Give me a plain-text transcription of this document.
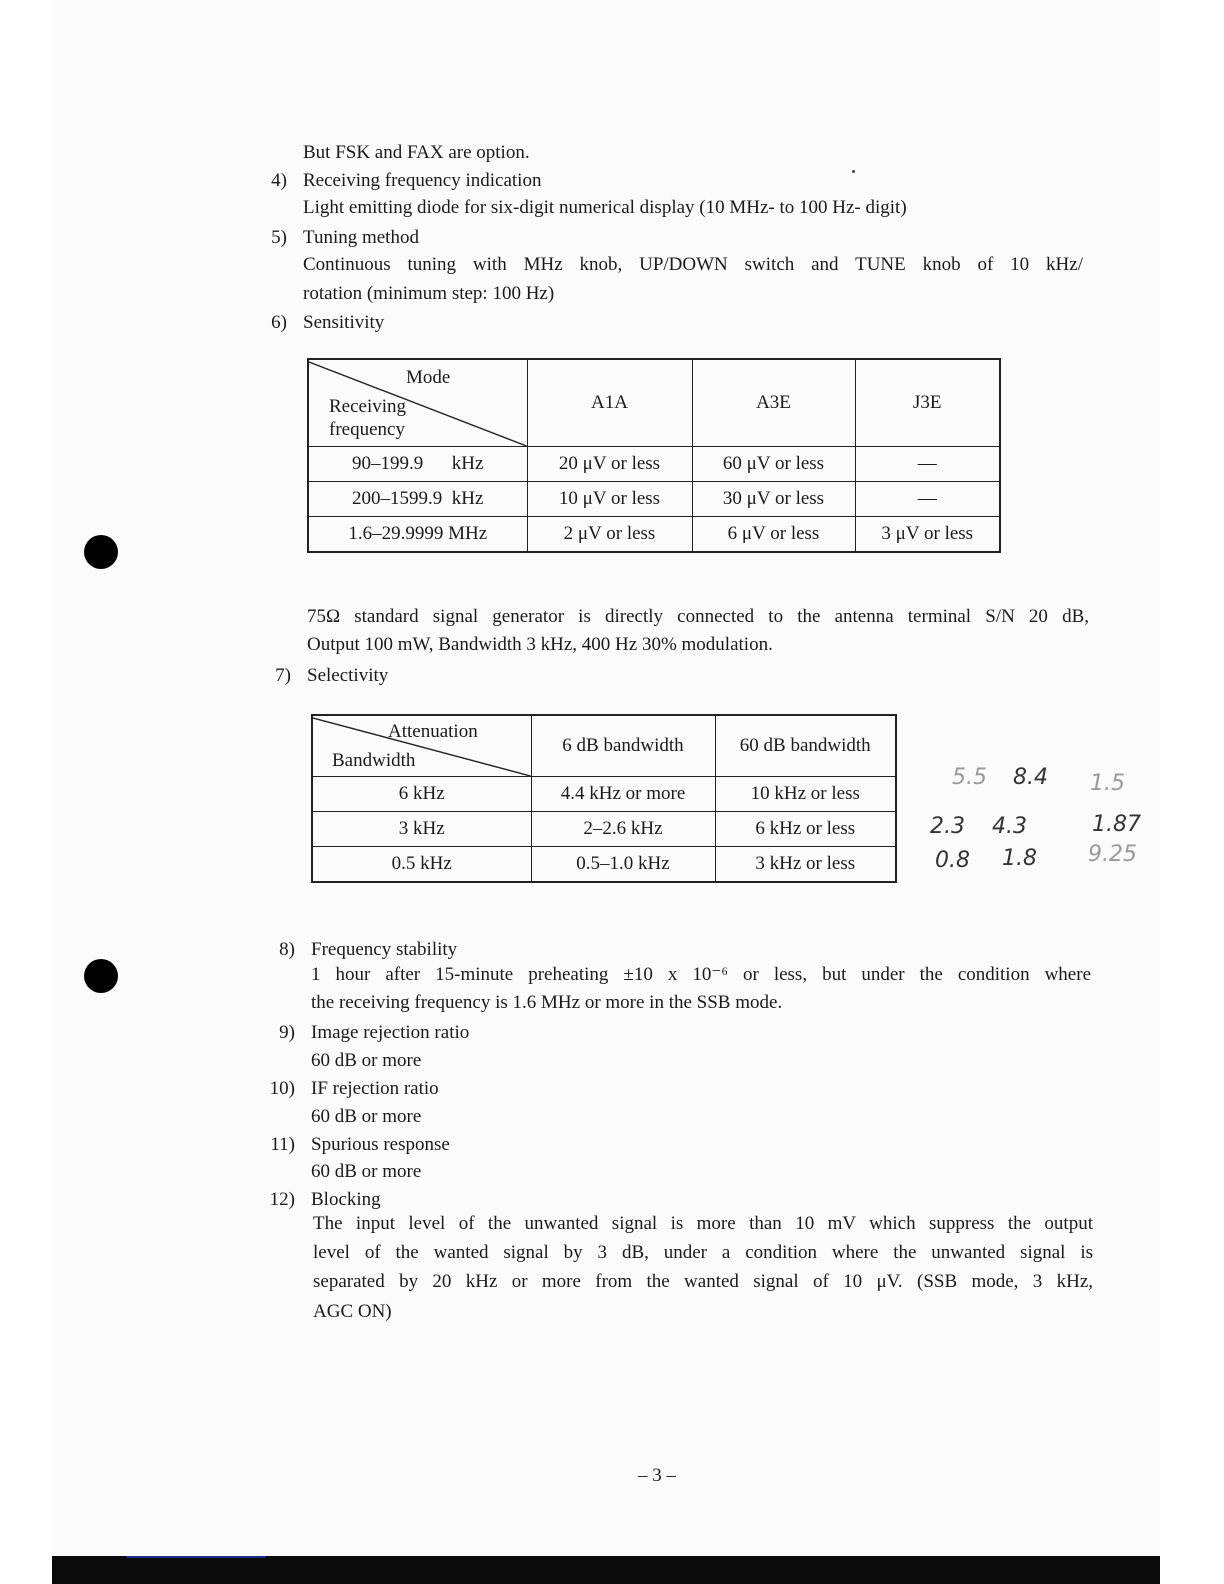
But FSK and FAX are option.
4) Receiving frequency indication
Light emitting diode for six-digit numerical display (10 MHz- to 100 Hz- digit)
5) Tuning method
Continuous tuning with MHz knob, UP/DOWN switch and TUNE knob of 10 kHz/
rotation (minimum step: 100 Hz)
6) Sensitivity
Mode
Receiving
frequency	A1A	A3E	J3E
90–199.9      kHz	20 μV or less	60 μV or less	—
200–1599.9  kHz	10 μV or less	30 μV or less	—
1.6–29.9999 MHz	2 μV or less	6 μV or less	3 μV or less
75Ω standard signal generator is directly connected to the antenna terminal S/N 20 dB,
Output 100 mW, Bandwidth 3 kHz, 400 Hz 30% modulation.
7) Selectivity
Attenuation
Bandwidth	6 dB bandwidth	60 dB bandwidth
6 kHz	4.4 kHz or more	10 kHz or less
3 kHz	2–2.6 kHz	6 kHz or less
0.5 kHz	0.5–1.0 kHz	3 kHz or less
5.5 8.4 1.5
2.3 4.3	1.87
0.8 1.8 9.25
8) Frequency stability
1 hour after 15-minute preheating ±10 x 10⁻⁶ or less, but under the condition where
the receiving frequency is 1.6 MHz or more in the SSB mode.
9) Image rejection ratio
60 dB or more
10) IF rejection ratio
60 dB or more
11) Spurious response
60 dB or more
12) Blocking
The input level of the unwanted signal is more than 10 mV which suppress the output
level of the wanted signal by 3 dB, under a condition where the unwanted signal is
separated by 20 kHz or more from the wanted signal of 10 μV. (SSB mode, 3 kHz,
AGC ON)
– 3 –
